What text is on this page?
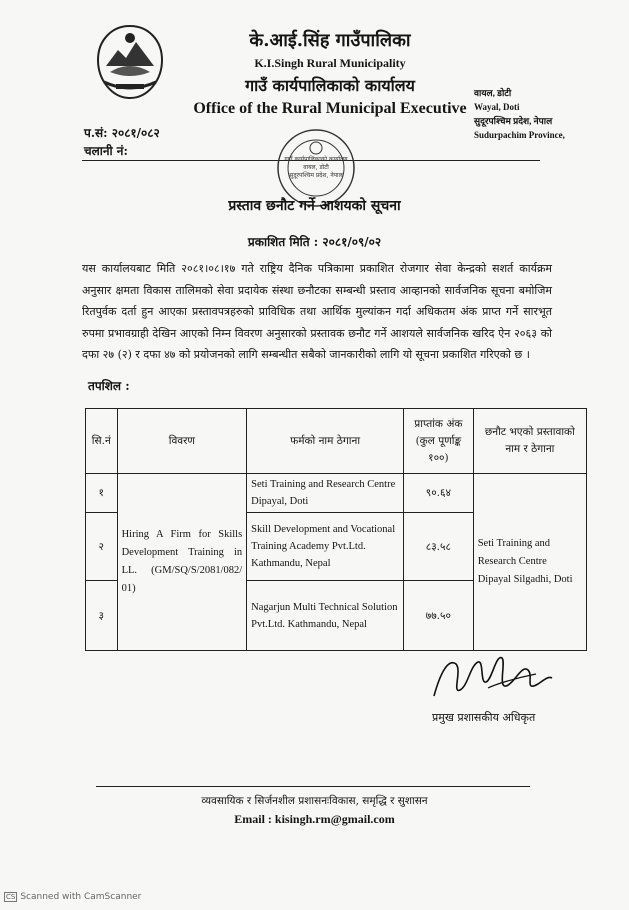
के.आई.सिंह गाउँपालिका
K.I.Singh Rural Municipality
गाउँ कार्यपालिकाको कार्यालय
Office of the Rural Municipal Executive
वायल, डोटी
Wayal, Doti
सुदूरपश्चिम प्रदेश, नेपाल
Sudurpachim Province,
प.सं: २०८१/०८२
चलानी नं:
गाउँ कार्यपालिकाको कार्यालय
वायल, डोटी
सुदूरपश्चिम प्रदेश, नेपाल
प्रस्ताव छनौट गर्ने आशयको सूचना
प्रकाशित मिति : २०८१/०९/०२
यस कार्यालयबाट मिति २०८१।०८।१७ गते राष्ट्रिय दैनिक पत्रिकामा प्रकाशित रोजगार सेवा केन्द्रको सशर्त कार्यक्रम अनुसार क्षमता विकास तालिमको सेवा प्रदायेक संस्था छनौटका सम्बन्धी प्रस्ताव आव्हानको सार्वजनिक सूचना बमोजिम रितपुर्वक दर्ता हुन आएका प्रस्तावपत्रहरुको प्राविधिक तथा आर्थिक मुल्यांकन गर्दा अधिकतम अंक प्राप्त गर्ने सारभूत रुपमा प्रभावग्राही देखिन आएको निम्न विवरण अनुसारको प्रस्तावक छनौट गर्ने आशयले सार्वजनिक खरिद ऐन २०६३ को दफा २७ (२) र दफा ४७ को प्रयोजनको लागि सम्बन्धीत सबैको जानकारीको लागि यो सूचना प्रकाशित गरिएको छ ।
तपशिल :
सि.नं	विवरण	फर्मको नाम ठेगाना	प्राप्तांक अंक (कुल पूर्णाङ्क १००)	छनौट भएको प्रस्तावाको नाम र ठेगाना
१	Hiring A Firm for Skills Development Training in LL. (GM/SQ/S/2081/082/ 01)	Seti Training and Research Centre Dipayal, Doti	९०.६४	Seti Training and Research Centre Dipayal Silgadhi, Doti
२		Skill Development and Vocational Training Academy Pvt.Ltd. Kathmandu, Nepal	८३.५८	
३		Nagarjun Multi Technical Solution Pvt.Ltd. Kathmandu, Nepal	७७.५०	
प्रमुख प्रशासकीय अधिकृत
व्यवसायिक र सिर्जनशील प्रशासनःविकास, समृद्धि र सुशासन
Email : kisingh.rm@gmail.com
CS Scanned with CamScanner
